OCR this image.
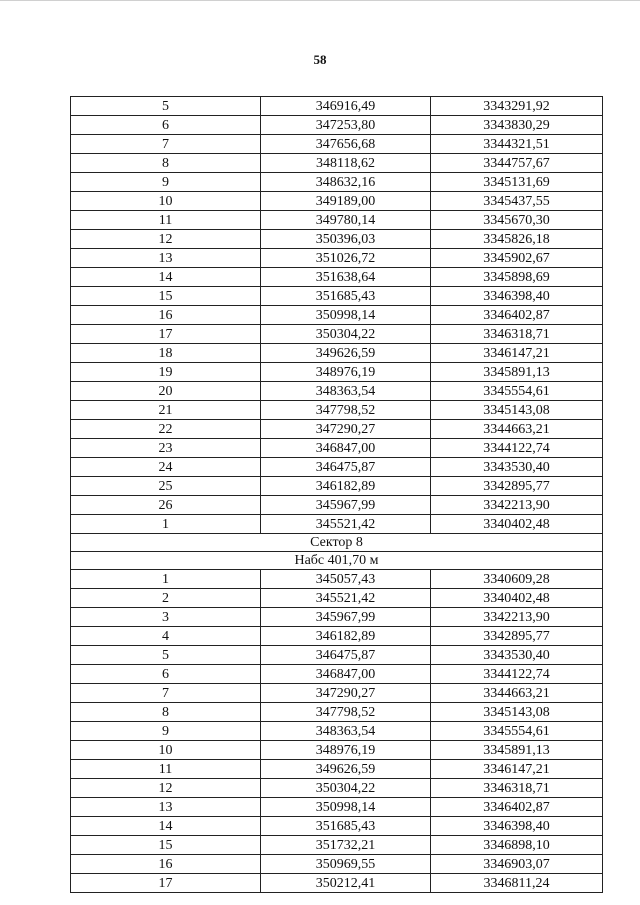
58
5	346916,49	3343291,92
6	347253,80	3343830,29
7	347656,68	3344321,51
8	348118,62	3344757,67
9	348632,16	3345131,69
10	349189,00	3345437,55
11	349780,14	3345670,30
12	350396,03	3345826,18
13	351026,72	3345902,67
14	351638,64	3345898,69
15	351685,43	3346398,40
16	350998,14	3346402,87
17	350304,22	3346318,71
18	349626,59	3346147,21
19	348976,19	3345891,13
20	348363,54	3345554,61
21	347798,52	3345143,08
22	347290,27	3344663,21
23	346847,00	3344122,74
24	346475,87	3343530,40
25	346182,89	3342895,77
26	345967,99	3342213,90
1	345521,42	3340402,48
Сектор 8		
Набс 401,70 м		
1	345057,43	3340609,28
2	345521,42	3340402,48
3	345967,99	3342213,90
4	346182,89	3342895,77
5	346475,87	3343530,40
6	346847,00	3344122,74
7	347290,27	3344663,21
8	347798,52	3345143,08
9	348363,54	3345554,61
10	348976,19	3345891,13
11	349626,59	3346147,21
12	350304,22	3346318,71
13	350998,14	3346402,87
14	351685,43	3346398,40
15	351732,21	3346898,10
16	350969,55	3346903,07
17	350212,41	3346811,24
